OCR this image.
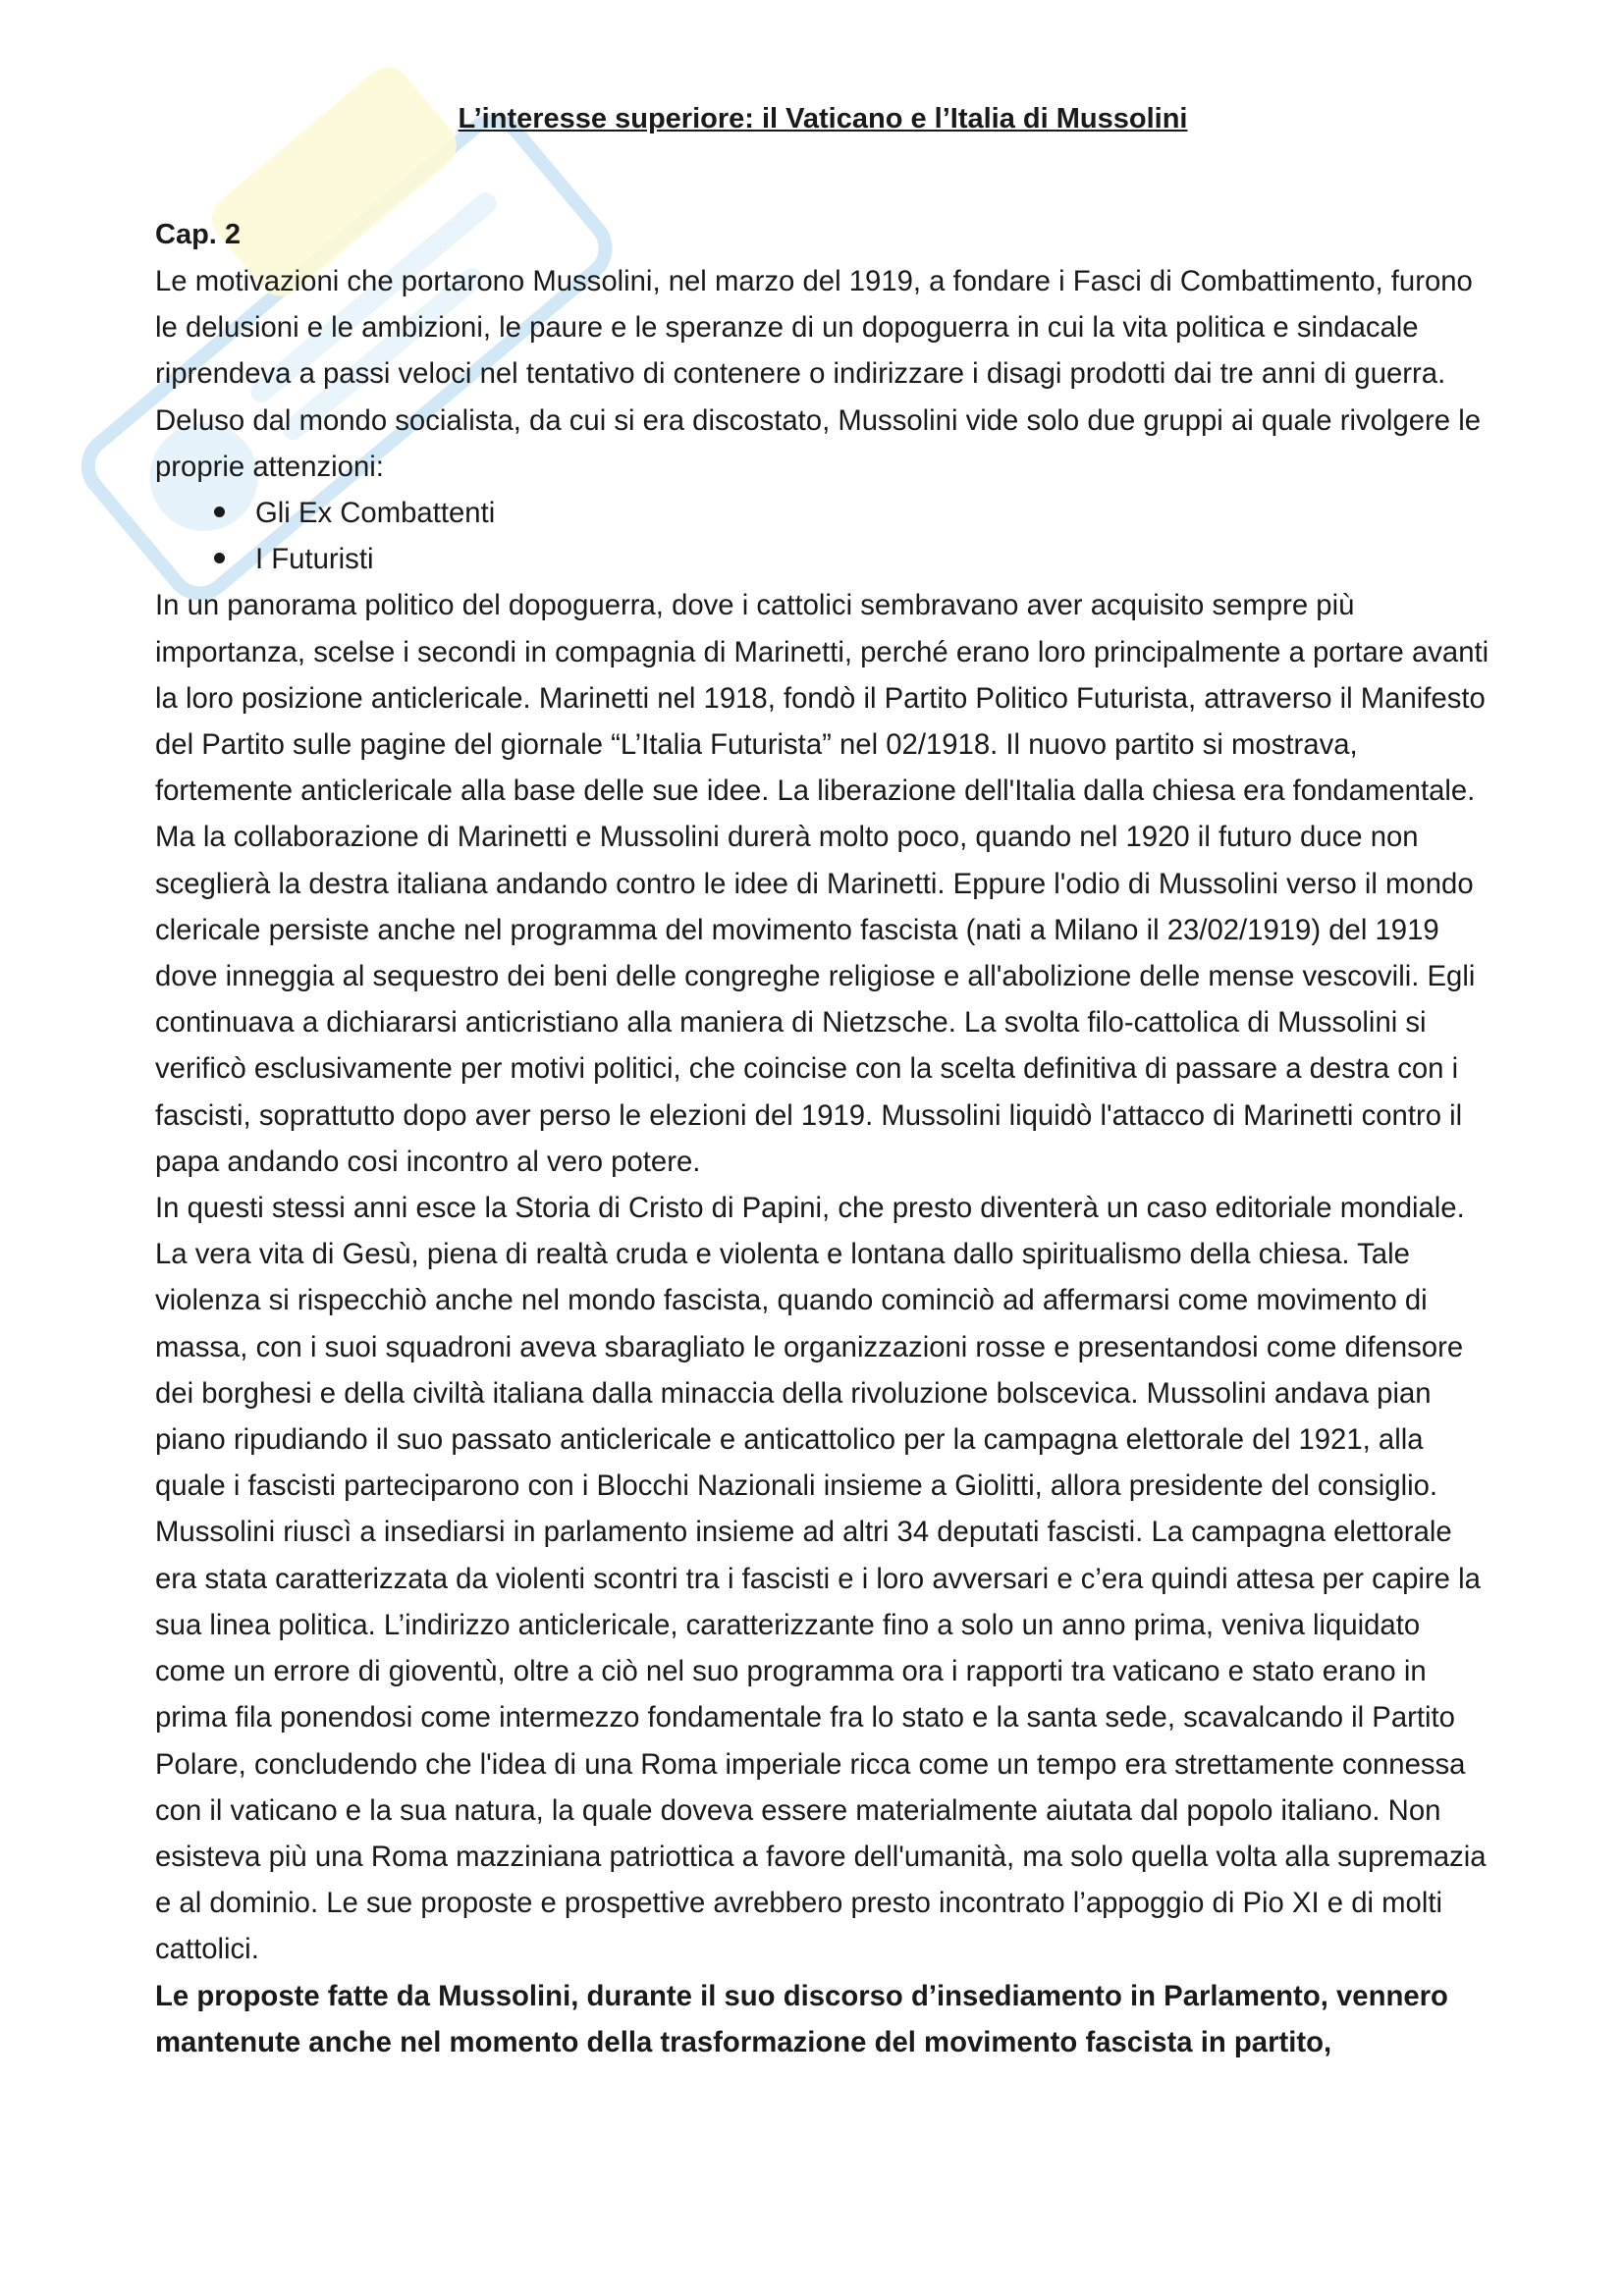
L’interesse superiore: il Vaticano e l’Italia di Mussolini

Cap. 2

Le motivazioni che portarono Mussolini, nel marzo del 1919, a fondare i Fasci di Combattimento, furono le delusioni e le ambizioni, le paure e le speranze di un dopoguerra in cui la vita politica e sindacale riprendeva a passi veloci nel tentativo di contenere o indirizzare i disagi prodotti dai tre anni di guerra. Deluso dal mondo socialista, da cui si era discostato, Mussolini vide solo due gruppi ai quale rivolgere le proprie attenzioni:

Gli Ex Combattenti
I Futuristi

In un panorama politico del dopoguerra, dove i cattolici sembravano aver acquisito sempre più importanza, scelse i secondi in compagnia di Marinetti, perché erano loro principalmente a portare avanti la loro posizione anticlericale. Marinetti nel 1918, fondò il Partito Politico Futurista, attraverso il Manifesto del Partito sulle pagine del giornale “L’Italia Futurista” nel 02/1918. Il nuovo partito si mostrava, fortemente anticlericale alla base delle sue idee. La liberazione dell'Italia dalla chiesa era fondamentale. Ma la collaborazione di Marinetti e Mussolini durerà molto poco, quando nel 1920 il futuro duce non sceglierà la destra italiana andando contro le idee di Marinetti. Eppure l'odio di Mussolini verso il mondo clericale persiste anche nel programma del movimento fascista (nati a Milano il 23/02/1919) del 1919 dove inneggia al sequestro dei beni delle congreghe religiose e all'abolizione delle mense vescovili. Egli continuava a dichiararsi anticristiano alla maniera di Nietzsche. La svolta filo-cattolica di Mussolini si verificò esclusivamente per motivi politici, che coincise con la scelta definitiva di passare a destra con i fascisti, soprattutto dopo aver perso le elezioni del 1919. Mussolini liquidò l'attacco di Marinetti contro il papa andando cosi incontro al vero potere.

In questi stessi anni esce la Storia di Cristo di Papini, che presto diventerà un caso editoriale mondiale. La vera vita di Gesù, piena di realtà cruda e violenta e lontana dallo spiritualismo della chiesa. Tale violenza si rispecchiò anche nel mondo fascista, quando cominciò ad affermarsi come movimento di massa, con i suoi squadroni aveva sbaragliato le organizzazioni rosse e presentandosi come difensore dei borghesi e della civiltà italiana dalla minaccia della rivoluzione bolscevica. Mussolini andava pian piano ripudiando il suo passato anticlericale e anticattolico per la campagna elettorale del 1921, alla quale i fascisti parteciparono con i Blocchi Nazionali insieme a Giolitti, allora presidente del consiglio. Mussolini riuscì a insediarsi in parlamento insieme ad altri 34 deputati fascisti. La campagna elettorale era stata caratterizzata da violenti scontri tra i fascisti e i loro avversari e c’era quindi attesa per capire la sua linea politica. L’indirizzo anticlericale, caratterizzante fino a solo un anno prima, veniva liquidato come un errore di gioventù, oltre a ciò nel suo programma ora i rapporti tra vaticano e stato erano in prima fila ponendosi come intermezzo fondamentale fra lo stato e la santa sede, scavalcando il Partito Polare, concludendo che l'idea di una Roma imperiale ricca come un tempo era strettamente connessa con il vaticano e la sua natura, la quale doveva essere materialmente aiutata dal popolo italiano. Non esisteva più una Roma mazziniana patriottica a favore dell'umanità, ma solo quella volta alla supremazia e al dominio. Le sue proposte e prospettive avrebbero presto incontrato l’appoggio di Pio XI e di molti cattolici.

Le proposte fatte da Mussolini, durante il suo discorso d’insediamento in Parlamento, vennero mantenute anche nel momento della trasformazione del movimento fascista in partito,
